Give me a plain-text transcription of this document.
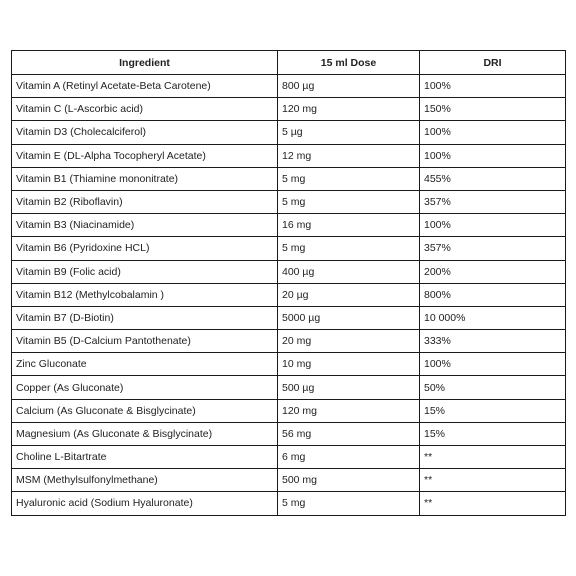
Ingredient	15 ml Dose	DRI
Vitamin A (Retinyl Acetate-Beta Carotene)	800 µg	100%
Vitamin C (L-Ascorbic acid)	120 mg	150%
Vitamin D3 (Cholecalciferol)	5 µg	100%
Vitamin E (DL-Alpha Tocopheryl Acetate)	12 mg	100%
Vitamin B1 (Thiamine mononitrate)	5 mg	455%
Vitamin B2 (Riboflavin)	5 mg	357%
Vitamin B3 (Niacinamide)	16 mg	100%
Vitamin B6 (Pyridoxine HCL)	5 mg	357%
Vitamin B9 (Folic acid)	400 µg	200%
Vitamin B12 (Methylcobalamin )	20 µg	800%
Vitamin B7 (D-Biotin)	5000 µg	10 000%
Vitamin B5 (D-Calcium Pantothenate)	20 mg	333%
Zinc Gluconate	10 mg	100%
Copper (As Gluconate)	500 µg	50%
Calcium (As Gluconate & Bisglycinate)	120 mg	15%
Magnesium (As Gluconate & Bisglycinate)	56 mg	15%
Choline L-Bitartrate	6 mg	**
MSM (Methylsulfonylmethane)	500 mg	**
Hyaluronic acid (Sodium Hyaluronate)	5 mg	**
